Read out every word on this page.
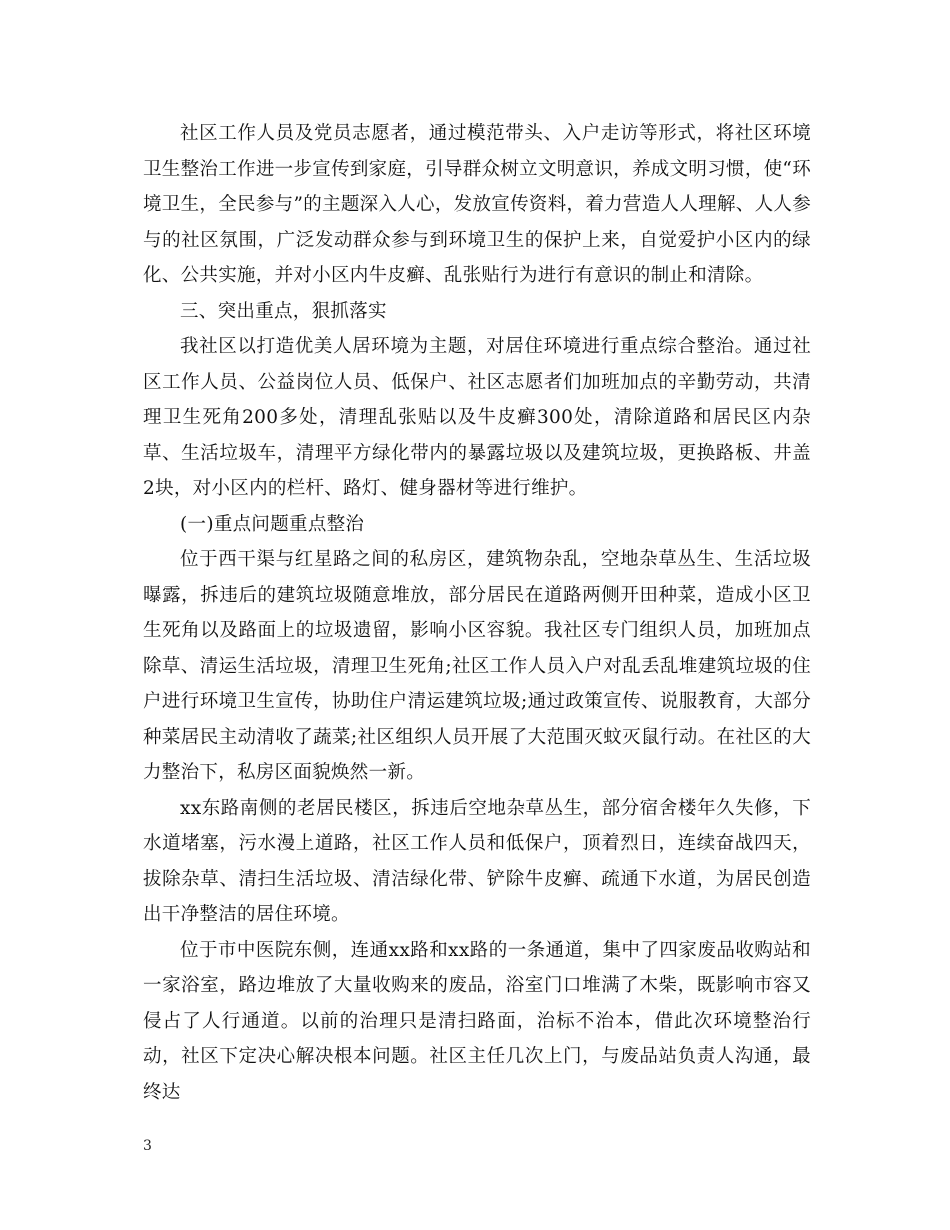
社区工作人员及党员志愿者，通过模范带头、入户走访等形式，将社区环境卫生整治工作进一步宣传到家庭，引导群众树立文明意识，养成文明习惯，使“环境卫生，全民参与”的主题深入人心，发放宣传资料，着力营造人人理解、人人参与的社区氛围，广泛发动群众参与到环境卫生的保护上来，自觉爱护小区内的绿化、公共实施，并对小区内牛皮癣、乱张贴行为进行有意识的制止和清除。

三、突出重点，狠抓落实

我社区以打造优美人居环境为主题，对居住环境进行重点综合整治。通过社区工作人员、公益岗位人员、低保户、社区志愿者们加班加点的辛勤劳动，共清理卫生死角200多处，清理乱张贴以及牛皮癣300处，清除道路和居民区内杂草、生活垃圾车，清理平方绿化带内的暴露垃圾以及建筑垃圾，更换路板、井盖2块，对小区内的栏杆、路灯、健身器材等进行维护。

(一)重点问题重点整治

位于西干渠与红星路之间的私房区，建筑物杂乱，空地杂草丛生、生活垃圾曝露，拆违后的建筑垃圾随意堆放，部分居民在道路两侧开田种菜，造成小区卫生死角以及路面上的垃圾遗留，影响小区容貌。我社区专门组织人员，加班加点除草、清运生活垃圾，清理卫生死角;社区工作人员入户对乱丢乱堆建筑垃圾的住户进行环境卫生宣传，协助住户清运建筑垃圾;通过政策宣传、说服教育，大部分种菜居民主动清收了蔬菜;社区组织人员开展了大范围灭蚊灭鼠行动。在社区的大力整治下，私房区面貌焕然一新。

xx东路南侧的老居民楼区，拆违后空地杂草丛生，部分宿舍楼年久失修，下水道堵塞，污水漫上道路，社区工作人员和低保户，顶着烈日，连续奋战四天，拔除杂草、清扫生活垃圾、清洁绿化带、铲除牛皮癣、疏通下水道，为居民创造出干净整洁的居住环境。

位于市中医院东侧，连通xx路和xx路的一条通道，集中了四家废品收购站和一家浴室，路边堆放了大量收购来的废品，浴室门口堆满了木柴，既影响市容又侵占了人行通道。以前的治理只是清扫路面，治标不治本，借此次环境整治行动，社区下定决心解决根本问题。社区主任几次上门，与废品站负责人沟通，最终达

3
